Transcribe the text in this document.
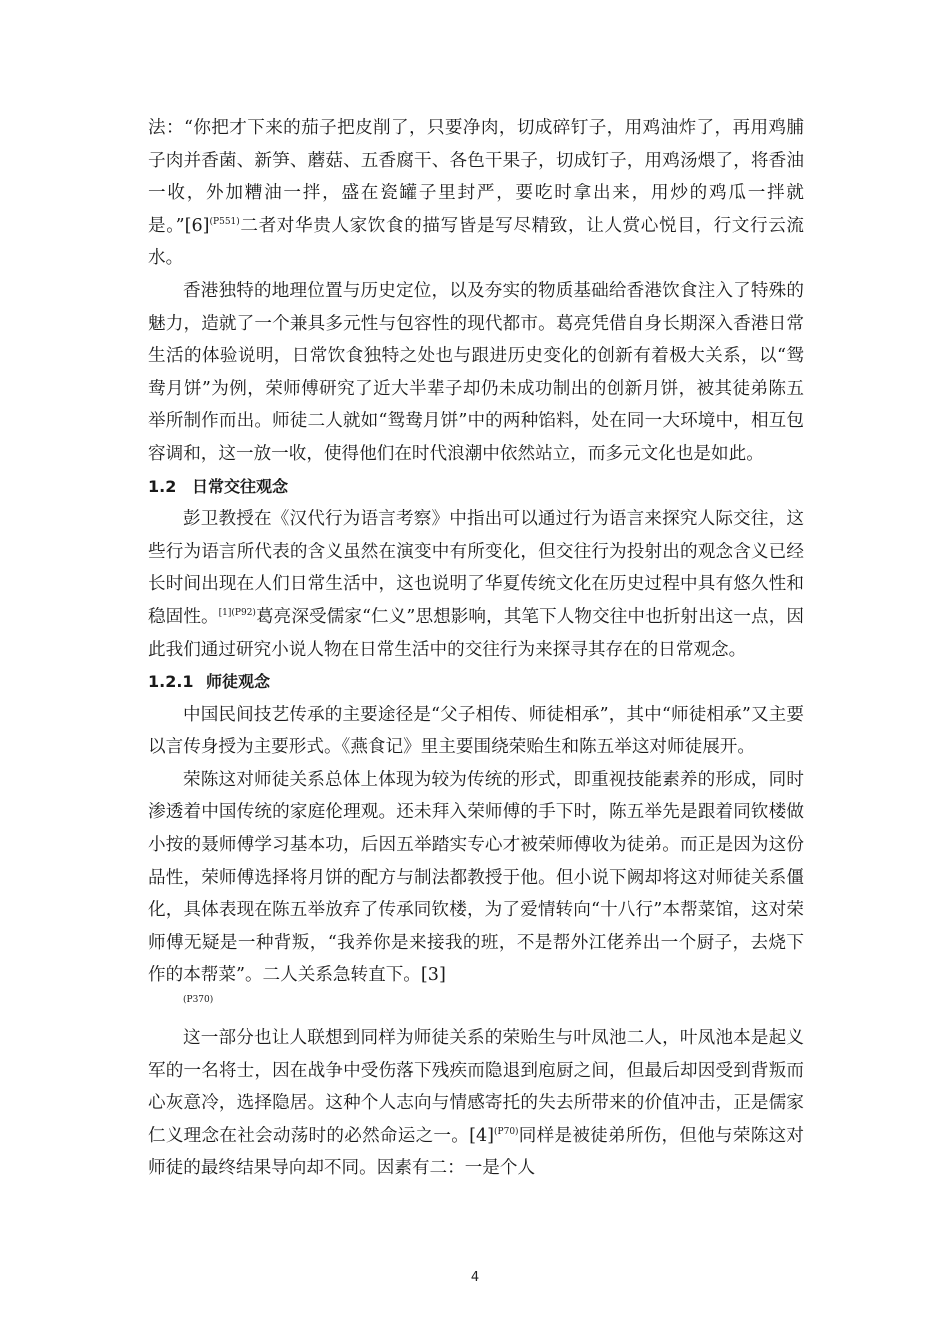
法：“你把才下来的茄子把皮削了，只要净肉，切成碎钉子，用鸡油炸了，再用鸡脯子肉并香菌、新笋、蘑菇、五香腐干、各色干果子，切成钉子，用鸡汤煨了，将香油一收，外加糟油一拌，盛在瓷罐子里封严，要吃时拿出来，用炒的鸡瓜一拌就是。$”[6]^{(P551)}$二者对华贵人家饮食的描写皆是写尽精致，让人赏心悦目，行文行云流水。

香港独特的地理位置与历史定位，以及夯实的物质基础给香港饮食注入了特殊的魅力，造就了一个兼具多元性与包容性的现代都市。葛亮凭借自身长期深入香港日常生活的体验说明，日常饮食独特之处也与跟进历史变化的创新有着极大关系，以“鸳鸯月饼”为例，荣师傅研究了近大半辈子却仍未成功制出的创新月饼，被其徒弟陈五举所制作而出。师徒二人就如“鸳鸯月饼”中的两种馅料，处在同一大环境中，相互包容调和，这一放一收，使得他们在时代浪潮中依然站立，而多元文化也是如此。

1.2 日常交往观念

彭卫教授在《汉代行为语言考察》中指出可以通过行为语言来探究人际交往，这些行为语言所代表的含义虽然在演变中有所变化，但交往行为投射出的观念含义已经长时间出现在人们日常生活中，这也说明了华夏传统文化在历史过程中具有悠久性和稳固性。$^{[1](P92)}$葛亮深受儒家“仁义”思想影响，其笔下人物交往中也折射出这一点，因此我们通过研究小说人物在日常生活中的交往行为来探寻其存在的日常观念。

1.2.1 师徒观念

中国民间技艺传承的主要途径是“父子相传、师徒相承”，其中“师徒相承”又主要以言传身授为主要形式。《燕食记》里主要围绕荣贻生和陈五举这对师徒展开。

荣陈这对师徒关系总体上体现为较为传统的形式，即重视技能素养的形成，同时渗透着中国传统的家庭伦理观。还未拜入荣师傅的手下时，陈五举先是跟着同钦楼做小按的聂师傅学习基本功，后因五举踏实专心才被荣师傅收为徒弟。而正是因为这份品性，荣师傅选择将月饼的配方与制法都教授于他。但小说下阙却将这对师徒关系僵化，具体表现在陈五举放弃了传承同钦楼，为了爱情转向“十八行”本帮菜馆，这对荣师傅无疑是一种背叛，“我养你是来接我的班，不是帮外江佬养出一个厨子，去烧下作的本帮菜”。二人关系急转直下。[3]
(P370)

这一部分也让人联想到同样为师徒关系的荣贻生与叶凤池二人，叶凤池本是起义军的一名将士，因在战争中受伤落下残疾而隐退到庖厨之间，但最后却因受到背叛而心灰意冷，选择隐居。这种个人志向与情感寄托的失去所带来的价值冲击，正是儒家仁义理念在社会动荡时的必然命运之一。$[4]^{(P70)}$同样是被徒弟所伤，但他与荣陈这对师徒的最终结果导向却不同。因素有二：一是个人

4
